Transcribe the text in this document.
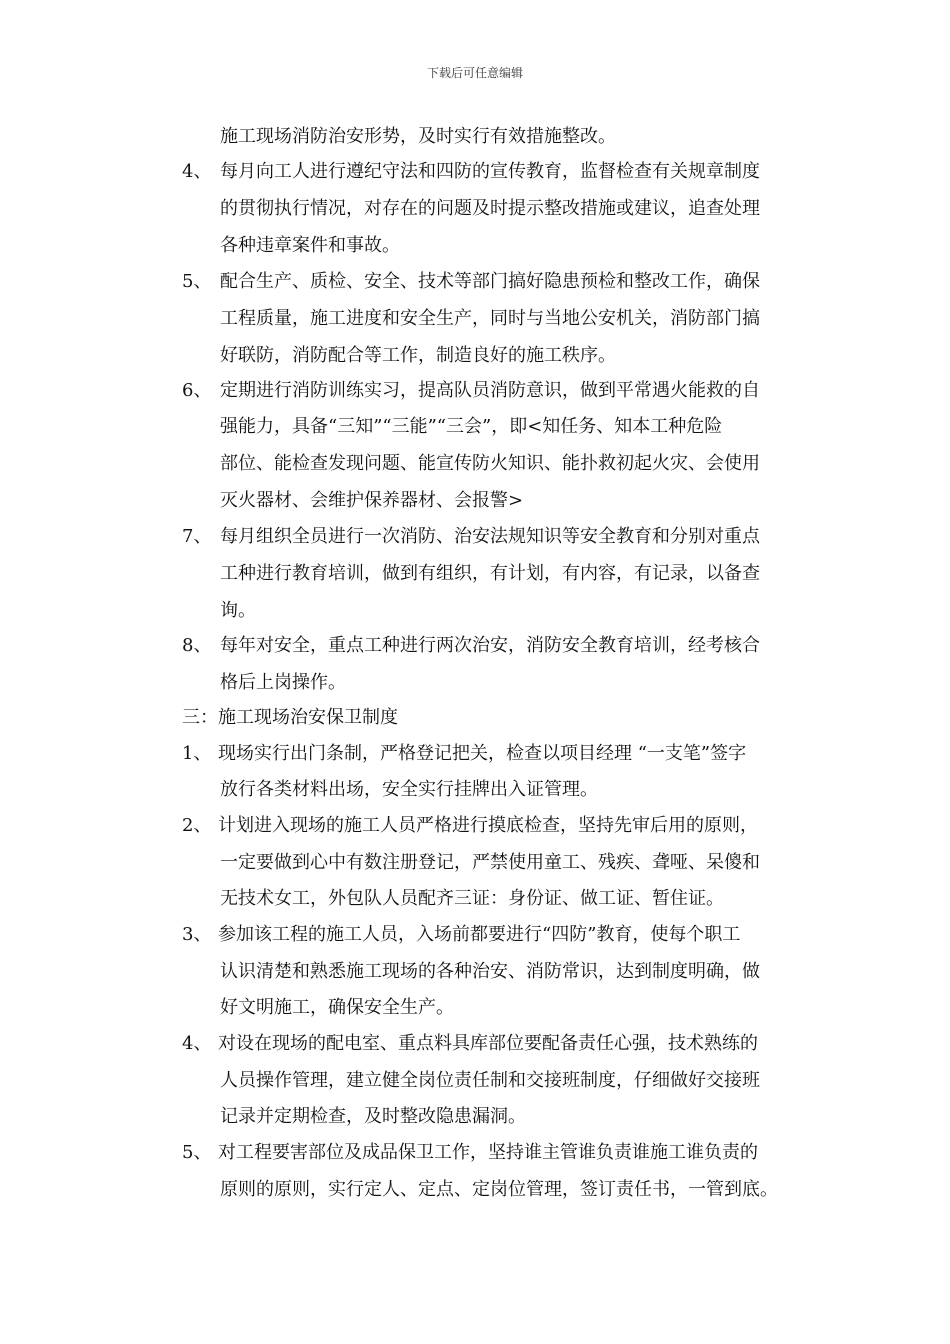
下载后可任意编辑
施工现场消防治安形势，及时实行有效措施整改。
4、 每月向工人进行遵纪守法和四防的宣传教育，监督检查有关规章制度
的贯彻执行情况，对存在的问题及时提示整改措施或建议，追查处理
各种违章案件和事故。
5、 配合生产、质检、安全、技术等部门搞好隐患预检和整改工作，确保
工程质量，施工进度和安全生产，同时与当地公安机关，消防部门搞
好联防，消防配合等工作，制造良好的施工秩序。
6、 定期进行消防训练实习，提高队员消防意识，做到平常遇火能救的自
强能力，具备“三知”“三能”“三会”，即<知任务、知本工种危险
部位、能检查发现问题、能宣传防火知识、能扑救初起火灾、会使用
灭火器材、会维护保养器材、会报警>
7、 每月组织全员进行一次消防、治安法规知识等安全教育和分别对重点
工种进行教育培训，做到有组织，有计划，有内容，有记录，以备查
询。
8、 每年对安全，重点工种进行两次治安，消防安全教育培训，经考核合
格后上岗操作。
三：施工现场治安保卫制度
1、 现场实行出门条制，严格登记把关，检查以项目经理 “一支笔”签字
放行各类材料出场，安全实行挂牌出入证管理。
2、 计划进入现场的施工人员严格进行摸底检查，坚持先审后用的原则，
一定要做到心中有数注册登记，严禁使用童工、残疾、聋哑、呆傻和
无技术女工，外包队人员配齐三证：身份证、做工证、暂住证。
3、 参加该工程的施工人员，入场前都要进行“四防”教育，使每个职工
认识清楚和熟悉施工现场的各种治安、消防常识，达到制度明确，做
好文明施工，确保安全生产。
4、 对设在现场的配电室、重点料具库部位要配备责任心强，技术熟练的
人员操作管理，建立健全岗位责任制和交接班制度，仔细做好交接班
记录并定期检查，及时整改隐患漏洞。
5、 对工程要害部位及成品保卫工作，坚持谁主管谁负责谁施工谁负责的
原则的原则，实行定人、定点、定岗位管理，签订责任书，一管到底。
